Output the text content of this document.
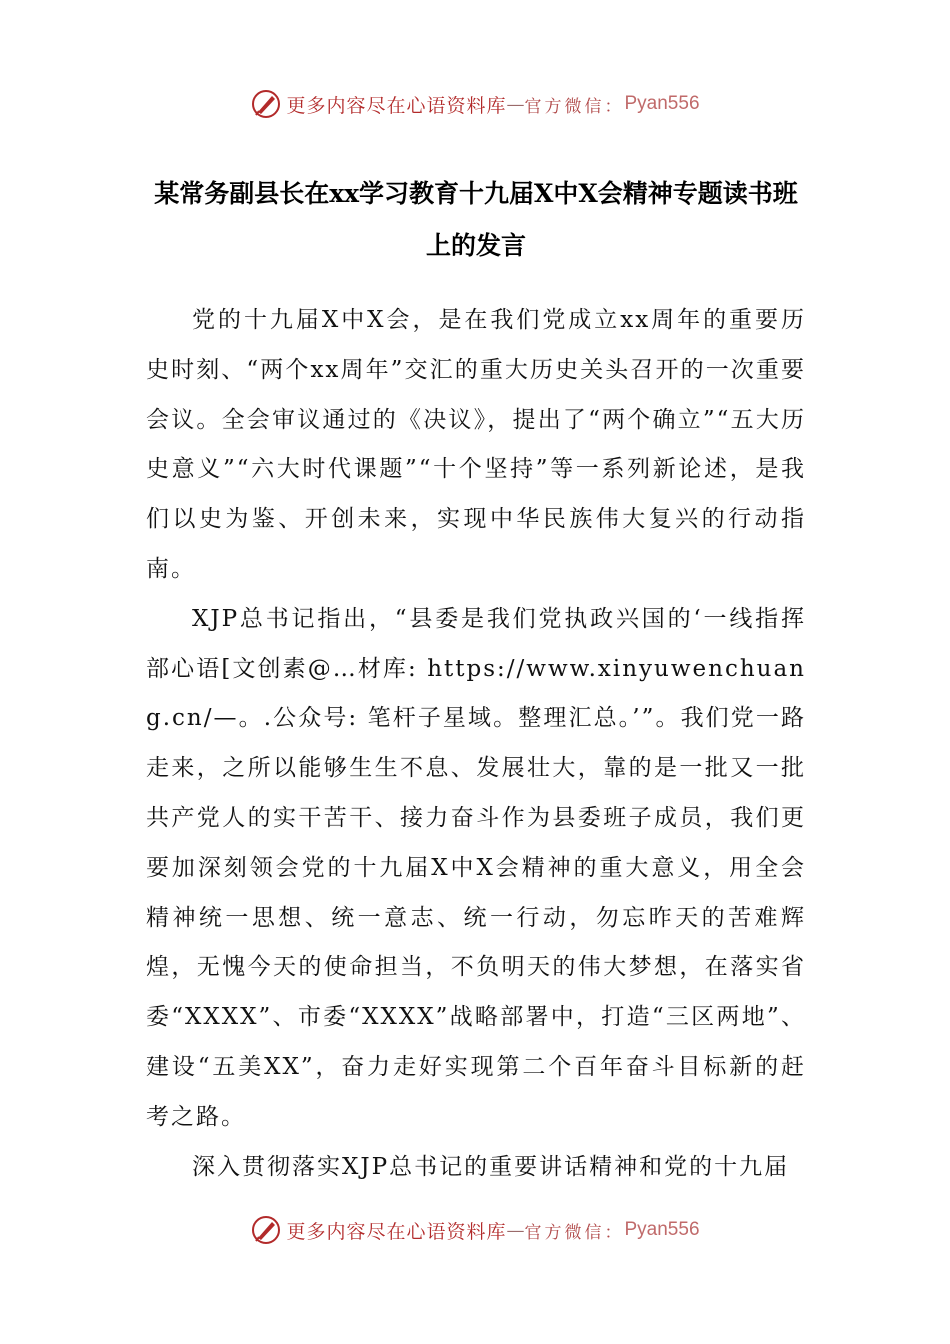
更多内容尽在心语资料库 — 官方微信： Pyan556
某常务副县长在xx学习教育十九届X中X会精神专题读书班上的发言

党的十九届X中X会，是在我们党成立xx周年的重要历史时刻、“两个xx周年”交汇的重大历史关头召开的一次重要会议。全会审议通过的《决议》，提出了“两个确立”“五大历史意义”“六大时代课题”“十个坚持”等一系列新论述，是我们以史为鉴、开创未来，实现中华民族伟大复兴的行动指南。

XJP总书记指出，“县委是我们党执政兴国的‘一线指挥部心语[文创素@…材库: https://www.xinyuwenchuang.cn/—。.公众号: 笔杆子星域。整理汇总。’”。我们党一路走来，之所以能够生生不息、发展壮大，靠的是一批又一批共产党人的实干苦干、接力奋斗作为县委班子成员，我们更要加深刻领会党的十九届X中X会精神的重大意义，用全会精神统一思想、统一意志、统一行动，勿忘昨天的苦难辉煌，无愧今天的使命担当，不负明天的伟大梦想，在落实省委“XXXX”、市委“XXXX”战略部署中，打造“三区两地”、建设“五美XX”，奋力走好实现第二个百年奋斗目标新的赶考之路。

深入贯彻落实XJP总书记的重要讲话精神和党的十九届

更多内容尽在心语资料库 — 官方微信： Pyan556
